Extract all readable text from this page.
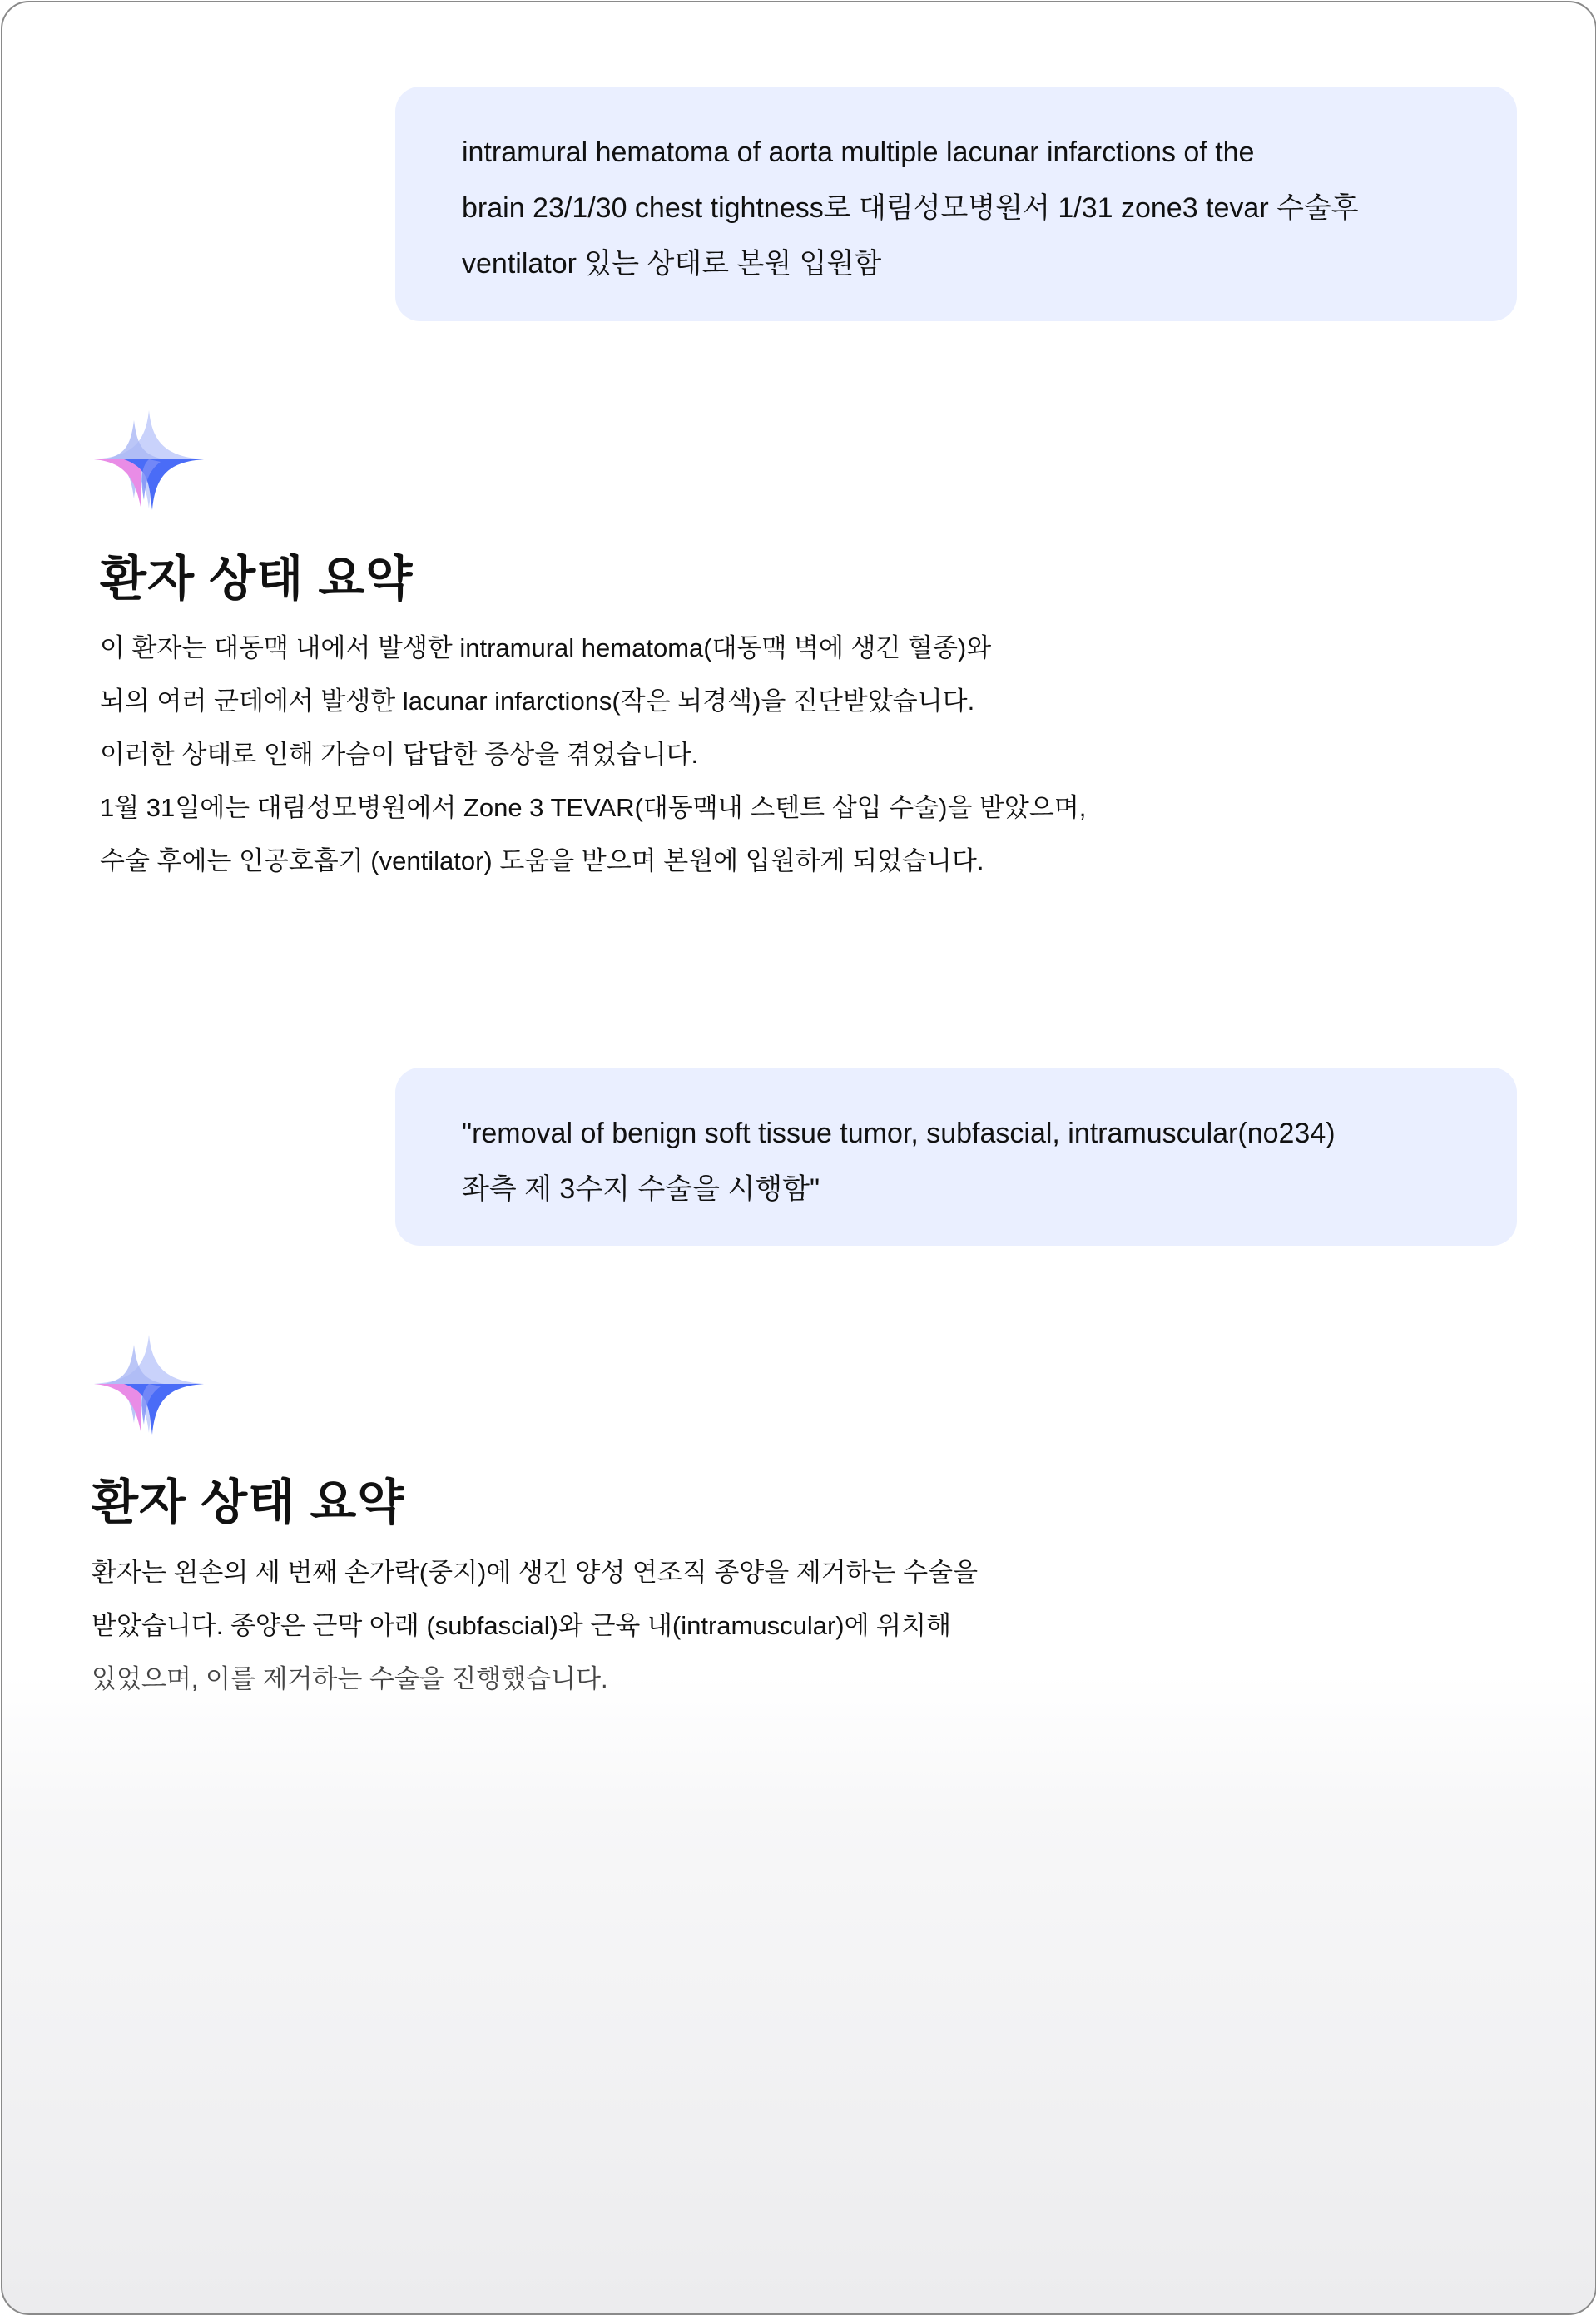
intramural hematoma of aorta multiple lacunar infarctions of the
brain 23/1/30 chest tightness로 대림성모병원서 1/31 zone3 tevar 수술후
ventilator 있는 상태로 본원 입원함
환자 상태 요약
이 환자는 대동맥 내에서 발생한 intramural hematoma(대동맥 벽에 생긴 혈종)와
뇌의 여러 군데에서 발생한 lacunar infarctions(작은 뇌경색)을 진단받았습니다.
이러한 상태로 인해 가슴이 답답한 증상을 겪었습니다.
1월 31일에는 대림성모병원에서 Zone 3 TEVAR(대동맥내 스텐트 삽입 수술)을 받았으며,
수술 후에는 인공호흡기 (ventilator) 도움을 받으며 본원에 입원하게 되었습니다.
"removal of benign soft tissue tumor, subfascial, intramuscular(no234)
좌측 제 3수지 수술을 시행함"
환자 상태 요약
환자는 왼손의 세 번째 손가락(중지)에 생긴 양성 연조직 종양을 제거하는 수술을
받았습니다. 종양은 근막 아래 (subfascial)와 근육 내(intramuscular)에 위치해
있었으며, 이를 제거하는 수술을 진행했습니다.
